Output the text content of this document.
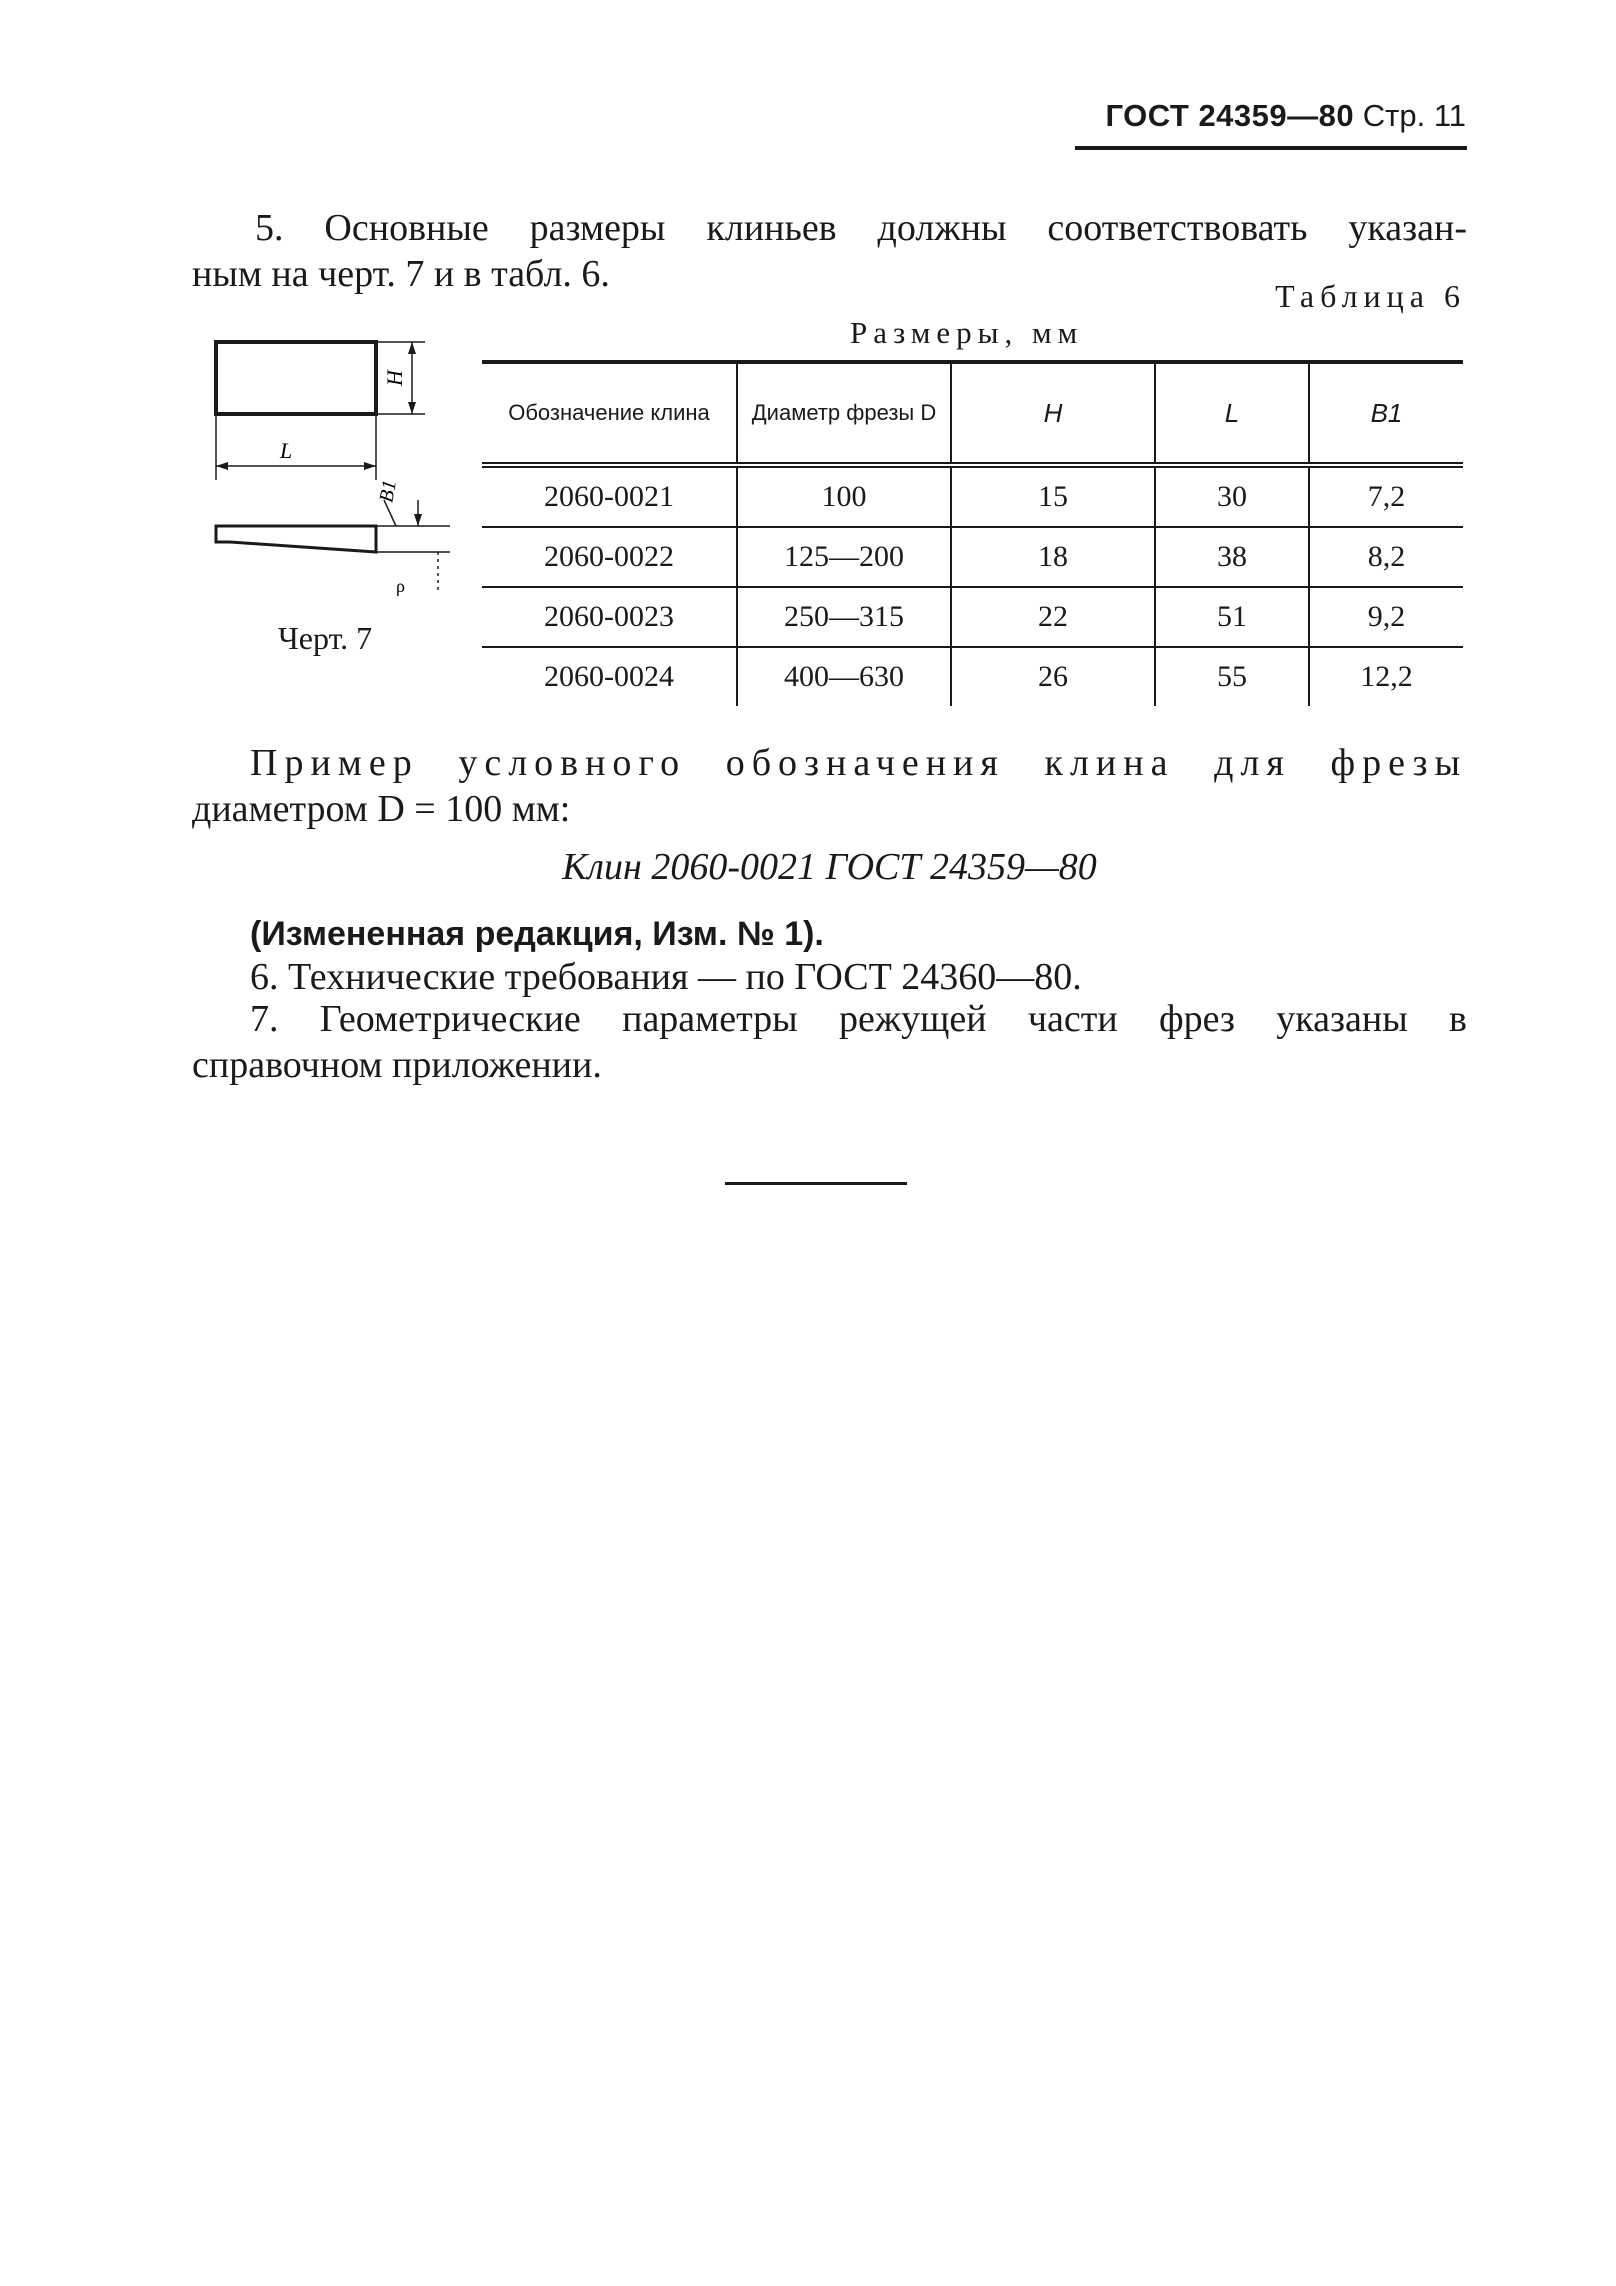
ГОСТ 24359—80 Стр. 11
5. Основные размеры клиньев должны соответствовать указан-
ным на черт. 7 и в табл. 6.
Таблица 6
Размеры, мм
H
L
B1
ρ
Черт. 7
Обозначение клина	Диаметр фрезы D	H	L	B1
2060-0021	100	15	30	7,2
2060-0022	125—200	18	38	8,2
2060-0023	250—315	22	51	9,2
2060-0024	400—630	26	55	12,2
Пример условного обозначения клина для фрезы
диаметром D = 100 мм:
Клин 2060-0021 ГОСТ 24359—80
(Измененная редакция, Изм. № 1).
6. Технические требования — по ГОСТ 24360—80.
7. Геометрические параметры режущей части фрез указаны в
справочном приложении.
